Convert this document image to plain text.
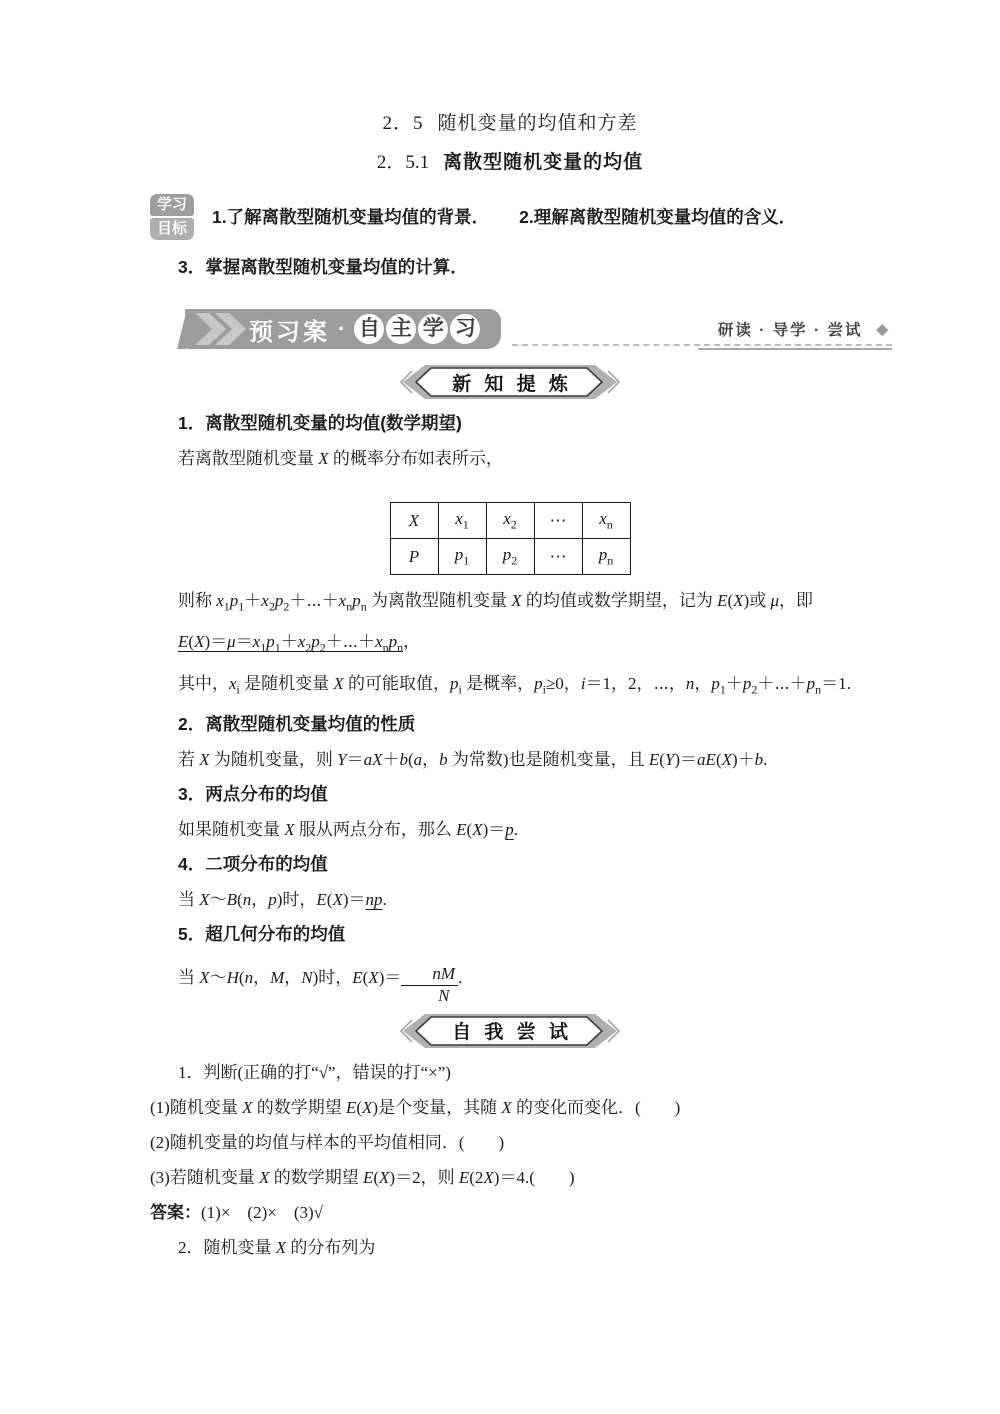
2．5 随机变量的均值和方差
2．5.1 离散型随机变量的均值
学习
目标
1.了解离散型随机变量均值的背景． 2.理解离散型随机变量均值的含义．

3．掌握离散型随机变量均值的计算．

预习案 · 自 主 学 习	研读 · 导学 · 尝试 ◆
新 知 提 炼

1．离散型随机变量的均值(数学期望)

若离散型随机变量 X 的概率分布如表所示，

X	$x_1$	$x_2$	⋯	$x_n$
P	$p_1$	$p_2$	⋯	$p_n$

则称 $x_1p_1+x_2p_2+\cdots+x_np_n$ 为离散型随机变量 X 的均值或数学期望，记为 E(X)或 μ，即

$E(X)=\mu=x_1p_1+x_2p_2+\cdots+x_np_n$，

其中，$x_i$ 是随机变量 X 的可能取值，$p_i$ 是概率，$p_i\ge 0$，i＝1，2，⋯，n，$p_1+p_2+\cdots+p_n=1$.

2．离散型随机变量均值的性质

若 X 为随机变量，则 Y＝aX＋b(a，b 为常数)也是随机变量，且 E(Y)＝aE(X)＋b.

3．两点分布的均值

如果随机变量 X 服从两点分布，那么 E(X)＝p.

4．二项分布的均值

当 X～B(n，p)时，E(X)＝np.

5．超几何分布的均值

当 X～H(n，M，N)时，$E(X)= \frac{nM}{N}$ .

自 我 尝 试

1．判断(正确的打“√”，错误的打“×”)

(1)随机变量 X 的数学期望 E(X)是个变量，其随 X 的变化而变化．(　　)

(2)随机变量的均值与样本的平均值相同．(　　)

(3)若随机变量 X 的数学期望 E(X)＝2，则 E(2X)＝4.(　　)

答案：(1)×　(2)×　(3)√

2．随机变量 X 的分布列为
